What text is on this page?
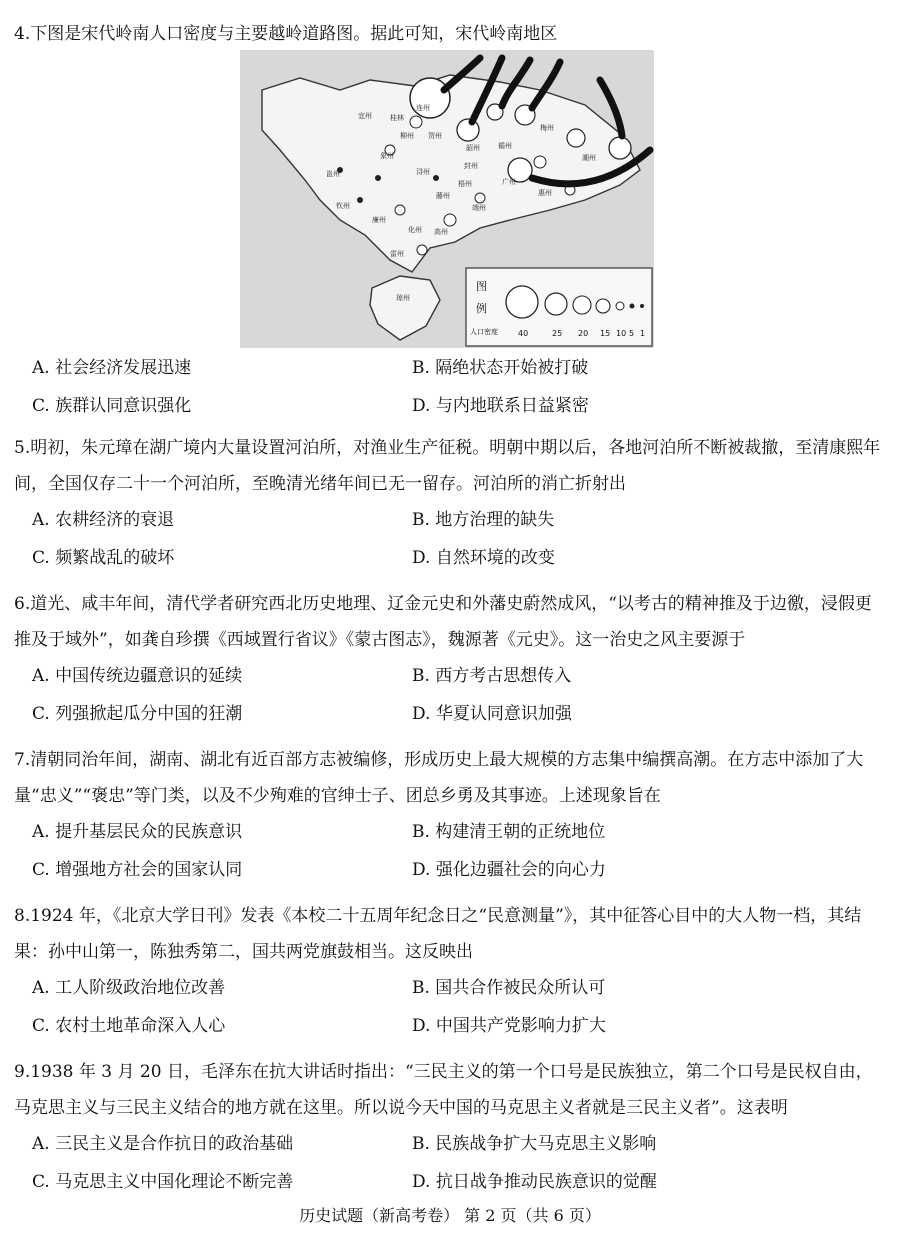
4.下图是宋代岭南人口密度与主要越岭道路图。据此可知，宋代岭南地区

宜州
柳州
桂林
贺州
连州
韶州	循州
梅州
潮州
广州
惠州
邕州
象州
浔州
藤州
梧州
封州
端州
钦州
廉州
雷州
化州 高州
琼州
图
例
人口密度	40	25 20 15 10 5 1
A. 社会经济发展迅速	B. 隔绝状态开始被打破
C. 族群认同意识强化	D. 与内地联系日益紧密

5.明初，朱元璋在湖广境内大量设置河泊所，对渔业生产征税。明朝中期以后，各地河泊所不断被裁撤，至清康熙年间，全国仅存二十一个河泊所，至晚清光绪年间已无一留存。河泊所的消亡折射出

A. 农耕经济的衰退	B. 地方治理的缺失
C. 频繁战乱的破坏	D. 自然环境的改变

6.道光、咸丰年间，清代学者研究西北历史地理、辽金元史和外藩史蔚然成风，“以考古的精神推及于边徼，浸假更推及于域外”，如龚自珍撰《西域置行省议》《蒙古图志》，魏源著《元史》。这一治史之风主要源于

A. 中国传统边疆意识的延续	B. 西方考古思想传入
C. 列强掀起瓜分中国的狂潮	D. 华夏认同意识加强

7.清朝同治年间，湖南、湖北有近百部方志被编修，形成历史上最大规模的方志集中编撰高潮。在方志中添加了大量“忠义”“褒忠”等门类，以及不少殉难的官绅士子、团总乡勇及其事迹。上述现象旨在

A. 提升基层民众的民族意识	B. 构建清王朝的正统地位
C. 增强地方社会的国家认同	D. 强化边疆社会的向心力

8.1924 年，《北京大学日刊》发表《本校二十五周年纪念日之“民意测量”》，其中征答心目中的大人物一档，其结果：孙中山第一，陈独秀第二，国共两党旗鼓相当。这反映出

A. 工人阶级政治地位改善	B. 国共合作被民众所认可
C. 农村土地革命深入人心	D. 中国共产党影响力扩大

9.1938 年 3 月 20 日，毛泽东在抗大讲话时指出：“三民主义的第一个口号是民族独立，第二个口号是民权自由，马克思主义与三民主义结合的地方就在这里。所以说今天中国的马克思主义者就是三民主义者”。这表明

A. 三民主义是合作抗日的政治基础	B. 民族战争扩大马克思主义影响
C. 马克思主义中国化理论不断完善	D. 抗日战争推动民族意识的觉醒
历史试题（新高考卷） 第 2 页（共 6 页）
